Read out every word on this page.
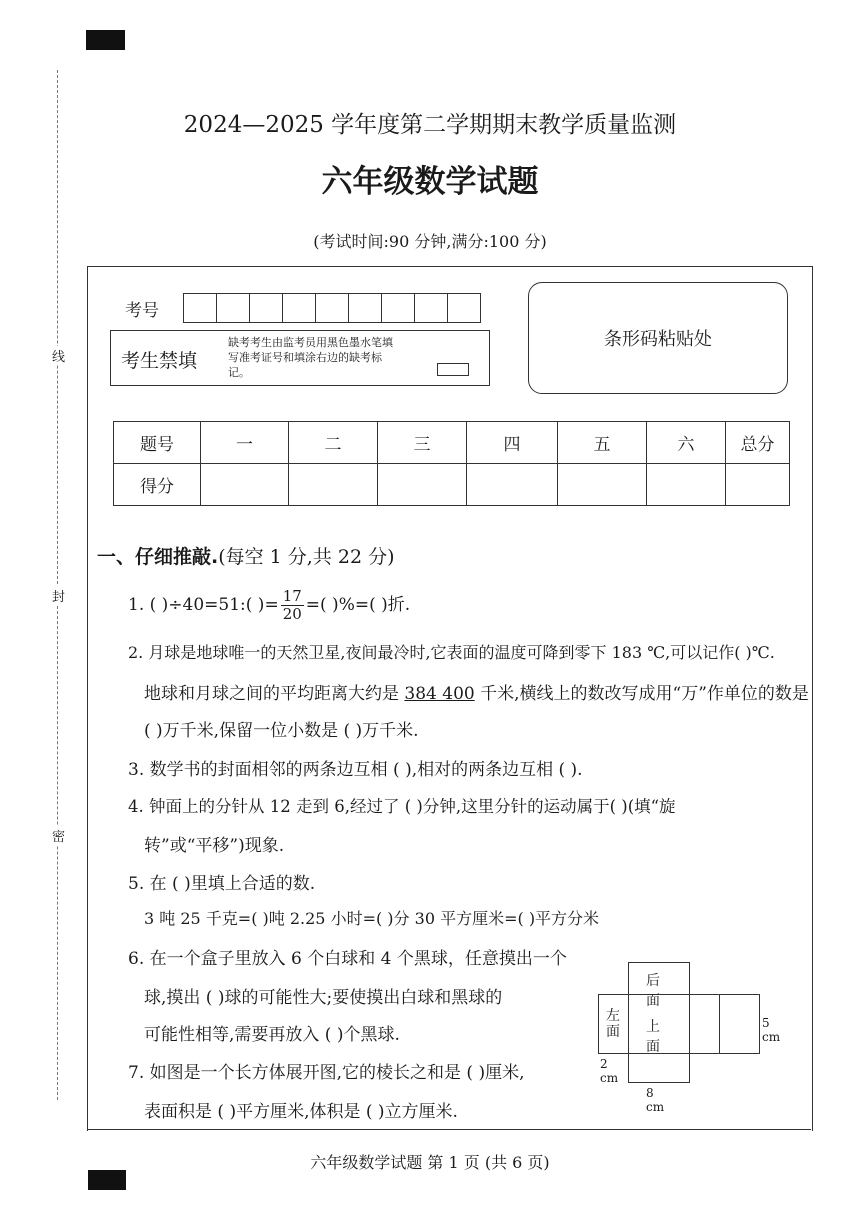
线
封
密
2024—2025 学年度第二学期期末教学质量监测
六年级数学试题
(考试时间:90 分钟,满分:100 分)
考号
考生禁填
缺考考生由监考员用黑色墨水笔填写准考证号和填涂右边的缺考标记。
条形码粘贴处
题号	一	二	三	四	五	六	总分
得分							
一、仔细推敲.(每空 1 分,共 22 分)
1. ( )÷40=51:( )= $\frac{17}{20}$ =( )%=( )折.
2. 月球是地球唯一的天然卫星,夜间最冷时,它表面的温度可降到零下 183 ℃,可以记作( )℃.
地球和月球之间的平均距离大约是 384 400 千米,横线上的数改写成用“万”作单位的数是
( )万千米,保留一位小数是 ( )万千米.
3. 数学书的封面相邻的两条边互相 ( ),相对的两条边互相 ( ).
4. 钟面上的分针从 12 走到 6,经过了 ( )分钟,这里分针的运动属于( )(填“旋
转”或“平移”)现象.
5. 在 ( )里填上合适的数.
3 吨 25 千克=( )吨 2.25 小时=( )分 30 平方厘米=( )平方分米
6. 在一个盒子里放入 6 个白球和 4 个黑球，任意摸出一个
球,摸出 ( )球的可能性大;要使摸出白球和黑球的
可能性相等,需要再放入 ( )个黑球.
7. 如图是一个长方体展开图,它的棱长之和是 ( )厘米,
表面积是 ( )平方厘米,体积是 ( )立方厘米.
后面
左面 上面
5 cm
2 cm
8 cm
六年级数学试题 第 1 页 (共 6 页)
